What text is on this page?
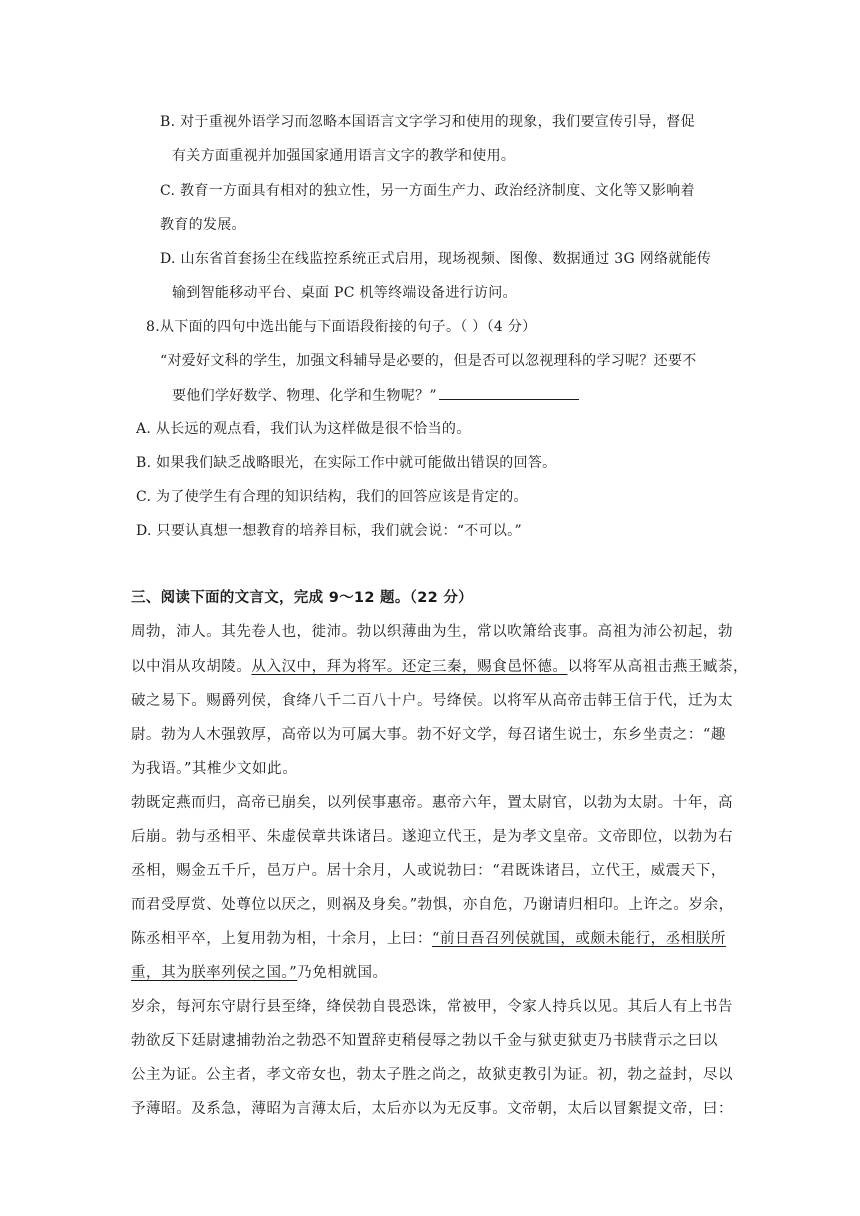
B. 对于重视外语学习而忽略本国语言文字学习和使用的现象，我们要宣传引导，督促
有关方面重视并加强国家通用语言文字的教学和使用。
C. 教育一方面具有相对的独立性，另一方面生产力、政治经济制度、文化等又影响着
教育的发展。
D. 山东省首套扬尘在线监控系统正式启用，现场视频、图像、数据通过 3G 网络就能传
输到智能移动平台、桌面 PC 机等终端设备进行访问。
8.从下面的四句中选出能与下面语段衔接的句子。（ ）（4 分）
“对爱好文科的学生，加强文科辅导是必要的，但是否可以忽视理科的学习呢？还要不
要他们学好数学、物理、化学和生物呢？”
A. 从长远的观点看，我们认为这样做是很不恰当的。
B. 如果我们缺乏战略眼光，在实际工作中就可能做出错误的回答。
C. 为了使学生有合理的知识结构，我们的回答应该是肯定的。
D. 只要认真想一想教育的培养目标，我们就会说：“不可以。”
三、阅读下面的文言文，完成 9～12 题。（22 分）
周勃，沛人。其先卷人也，徙沛。勃以织薄曲为生，常以吹箫给丧事。高祖为沛公初起，勃
以中涓从攻胡陵。从入汉中，拜为将军。还定三秦，赐食邑怀德。以将军从高祖击燕王臧荼，
破之易下。赐爵列侯，食绛八千二百八十户。号绛侯。以将军从高帝击韩王信于代，迁为太
尉。勃为人木强敦厚，高帝以为可属大事。勃不好文学，每召诸生说士，东乡坐责之：“趣
为我语。”其椎少文如此。
勃既定燕而归，高帝已崩矣，以列侯事惠帝。惠帝六年，置太尉官，以勃为太尉。十年，高
后崩。勃与丞相平、朱虚侯章共诛诸吕。遂迎立代王，是为孝文皇帝。文帝即位，以勃为右
丞相，赐金五千斤，邑万户。居十余月，人或说勃曰：“君既诛诸吕，立代王，威震天下，
而君受厚赏、处尊位以厌之，则祸及身矣。”勃惧，亦自危，乃谢请归相印。上许之。岁余，
陈丞相平卒，上复用勃为相，十余月，上曰：“前日吾召列侯就国，或颇未能行，丞相朕所
重，其为朕率列侯之国。”乃免相就国。
岁余，每河东守尉行县至绛，绛侯勃自畏恐诛，常被甲，令家人持兵以见。其后人有上书告
勃欲反下廷尉逮捕勃治之勃恐不知置辞吏稍侵辱之勃以千金与狱吏狱吏乃书牍背示之曰以
公主为证。公主者，孝文帝女也，勃太子胜之尚之，故狱吏教引为证。初，勃之益封，尽以
予薄昭。及系急，薄昭为言薄太后，太后亦以为无反事。文帝朝，太后以冒絮提文帝，曰：
